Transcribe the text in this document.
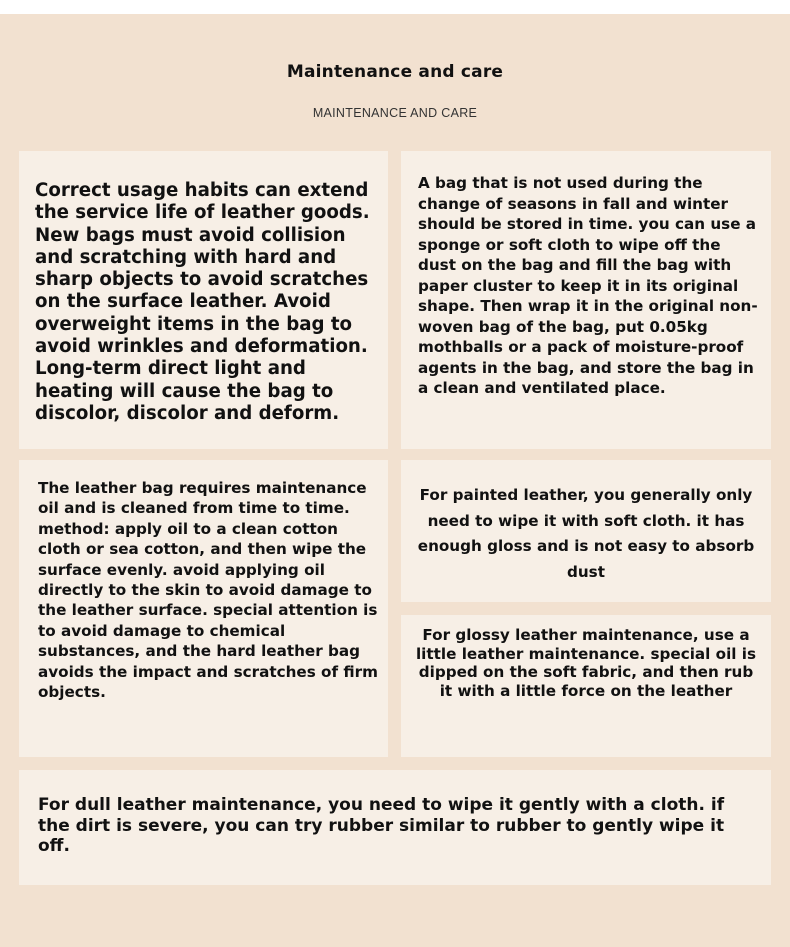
Maintenance and care
MAINTENANCE AND CARE

Correct usage habits can extend the service life of leather goods. New bags must avoid collision and scratching with hard and sharp objects to avoid scratches on the surface leather. Avoid overweight items in the bag to avoid wrinkles and deformation. Long-term direct light and heating will cause the bag to discolor, discolor and deform.

A bag that is not used during the change of seasons in fall and winter should be stored in time. you can use a sponge or soft cloth to wipe off the dust on the bag and fill the bag with paper cluster to keep it in its original shape. Then wrap it in the original non-woven bag of the bag, put 0.05kg mothballs or a pack of moisture-proof agents in the bag, and store the bag in a clean and ventilated place.

The leather bag requires maintenance oil and is cleaned from time to time. method: apply oil to a clean cotton cloth or sea cotton, and then wipe the surface evenly. avoid applying oil directly to the skin to avoid damage to the leather surface. special attention is to avoid damage to chemical substances, and the hard leather bag avoids the impact and scratches of firm objects.

For painted leather, you generally only need to wipe it with soft cloth. it has enough gloss and is not easy to absorb dust

For glossy leather maintenance, use a little leather maintenance. special oil is dipped on the soft fabric, and then rub it with a little force on the leather

For dull leather maintenance, you need to wipe it gently with a cloth. if the dirt is severe, you can try rubber similar to rubber to gently wipe it off.
